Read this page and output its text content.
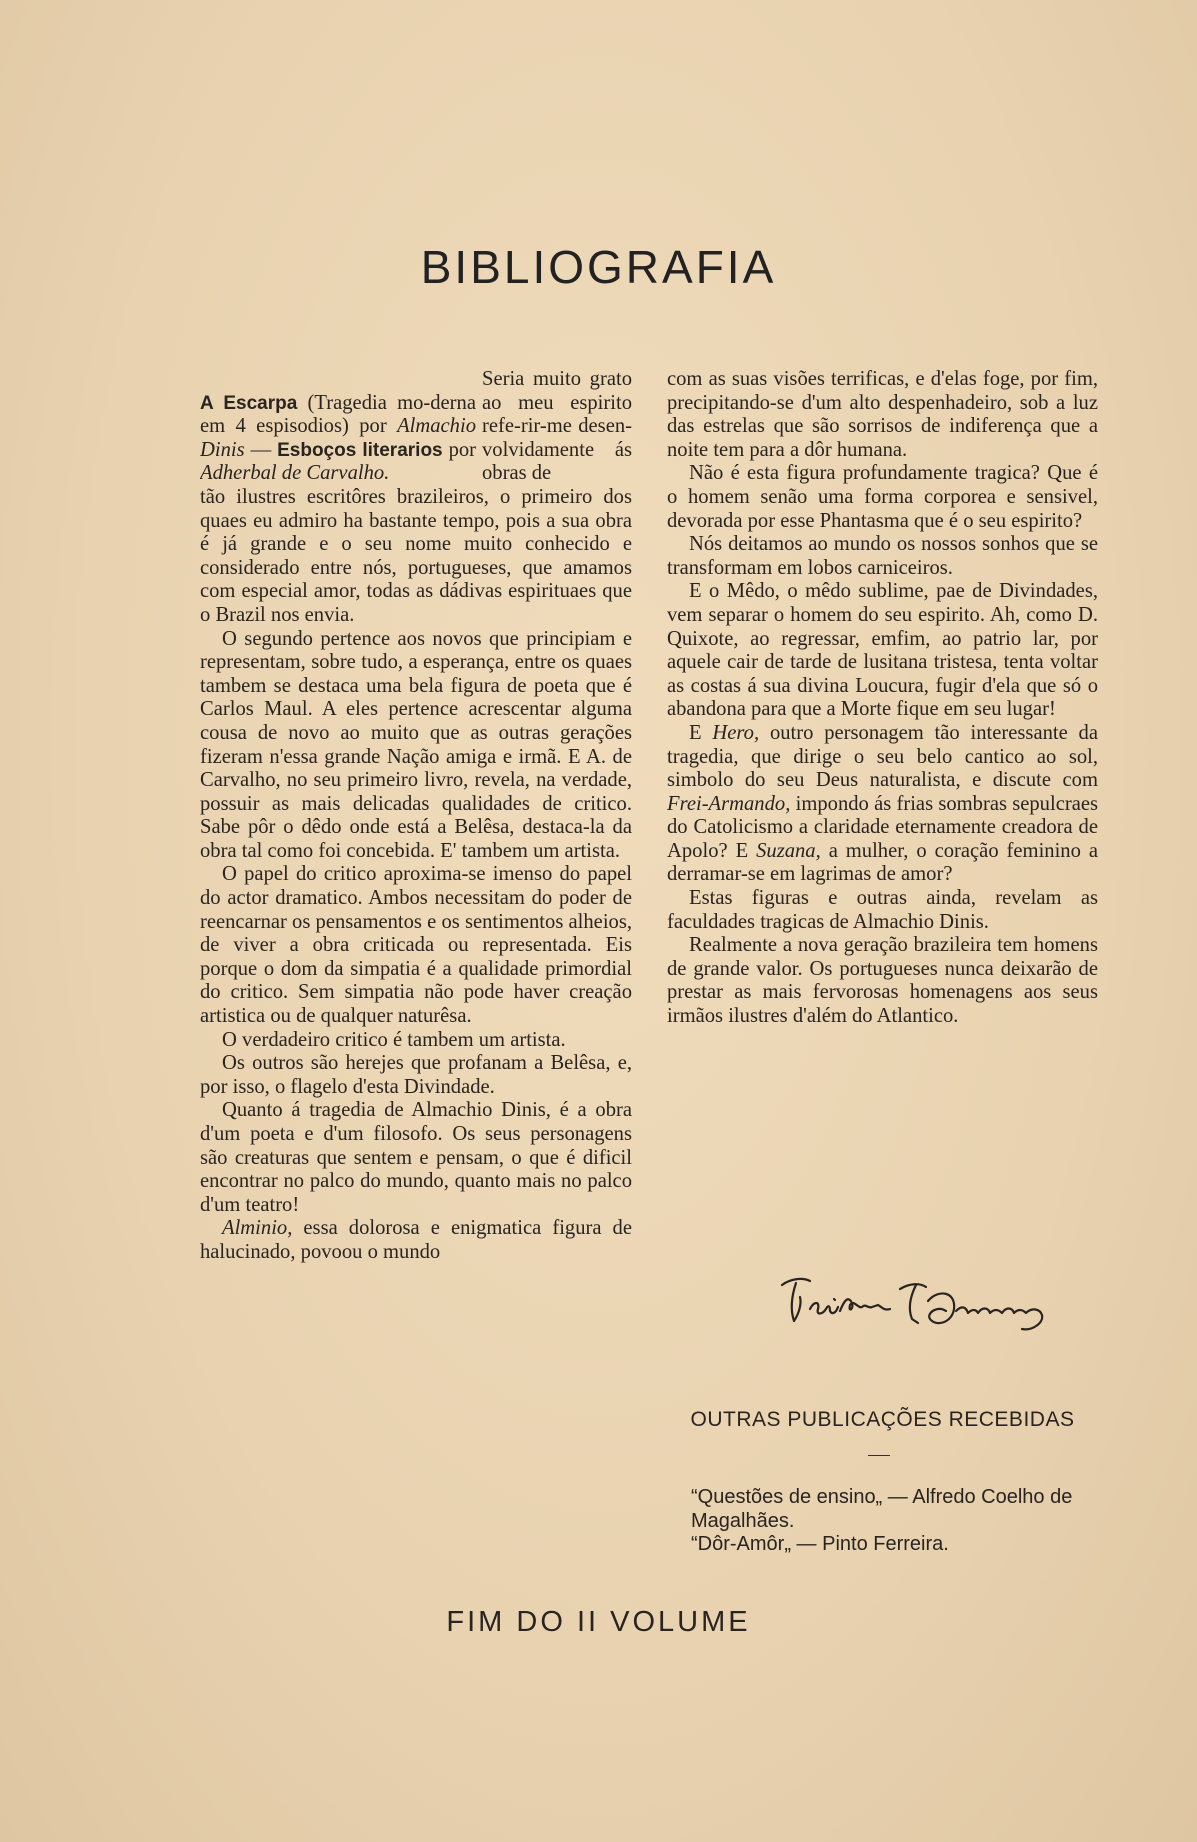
BIBLIOGRAFIA
Seria muito grato ao meu espirito refe-rir-me desen-volvidamente ás obras de
A Escarpa (Tragedia mo-derna em 4 espisodios) por Almachio Dinis — Esboços literarios por Adherbal de Carvalho.

tão ilustres escritôres brazileiros, o primeiro dos quaes eu admiro ha bastante tempo, pois a sua obra é já grande e o seu nome muito conhecido e considerado entre nós, portugueses, que amamos com especial amor, todas as dádivas espirituaes que o Brazil nos envia.

O segundo pertence aos novos que principiam e representam, sobre tudo, a esperança, entre os quaes tambem se destaca uma bela figura de poeta que é Carlos Maul. A eles pertence acrescentar alguma cousa de novo ao muito que as outras gerações fizeram n'essa grande Nação amiga e irmã. E A. de Carvalho, no seu primeiro livro, revela, na verdade, possuir as mais delicadas qualidades de critico. Sabe pôr o dêdo onde está a Belêsa, destaca-la da obra tal como foi concebida. E' tambem um artista.

O papel do critico aproxima-se imenso do papel do actor dramatico. Ambos necessitam do poder de reencarnar os pensamentos e os sentimentos alheios, de viver a obra criticada ou representada. Eis porque o dom da simpatia é a qualidade primordial do critico. Sem simpatia não pode haver creação artistica ou de qualquer naturêsa.

O verdadeiro critico é tambem um artista.

Os outros são herejes que profanam a Belêsa, e, por isso, o flagelo d'esta Divindade.

Quanto á tragedia de Almachio Dinis, é a obra d'um poeta e d'um filosofo. Os seus personagens são creaturas que sentem e pensam, o que é dificil encontrar no palco do mundo, quanto mais no palco d'um teatro!

Alminio, essa dolorosa e enigmatica figura de halucinado, povoou o mundo

com as suas visões terrificas, e d'elas foge, por fim, precipitando-se d'um alto despenhadeiro, sob a luz das estrelas que são sorrisos de indiferença que a noite tem para a dôr humana.

Não é esta figura profundamente tragica? Que é o homem senão uma forma corporea e sensivel, devorada por esse Phantasma que é o seu espirito?

Nós deitamos ao mundo os nossos sonhos que se transformam em lobos carniceiros.

E o Mêdo, o mêdo sublime, pae de Divindades, vem separar o homem do seu espirito. Ah, como D. Quixote, ao regressar, emfim, ao patrio lar, por aquele cair de tarde de lusitana tristesa, tenta voltar as costas á sua divina Loucura, fugir d'ela que só o abandona para que a Morte fique em seu lugar!

E Hero, outro personagem tão interessante da tragedia, que dirige o seu belo cantico ao sol, simbolo do seu Deus naturalista, e discute com Frei-Armando, impondo ás frias sombras sepulcraes do Catolicismo a claridade eternamente creadora de Apolo? E Suzana, a mulher, o coração feminino a derramar-se em lagrimas de amor?

Estas figuras e outras ainda, revelam as faculdades tragicas de Almachio Dinis.

Realmente a nova geração brazileira tem homens de grande valor. Os portugueses nunca deixarão de prestar as mais fervorosas homenagens aos seus irmãos ilustres d'além do Atlantico.

OUTRAS PUBLICAÇÕES RECEBIDAS

“Questões de ensino„ — Alfredo Coelho de Magalhães.

“Dôr-Amôr„ — Pinto Ferreira.

FIM DO II VOLUME
